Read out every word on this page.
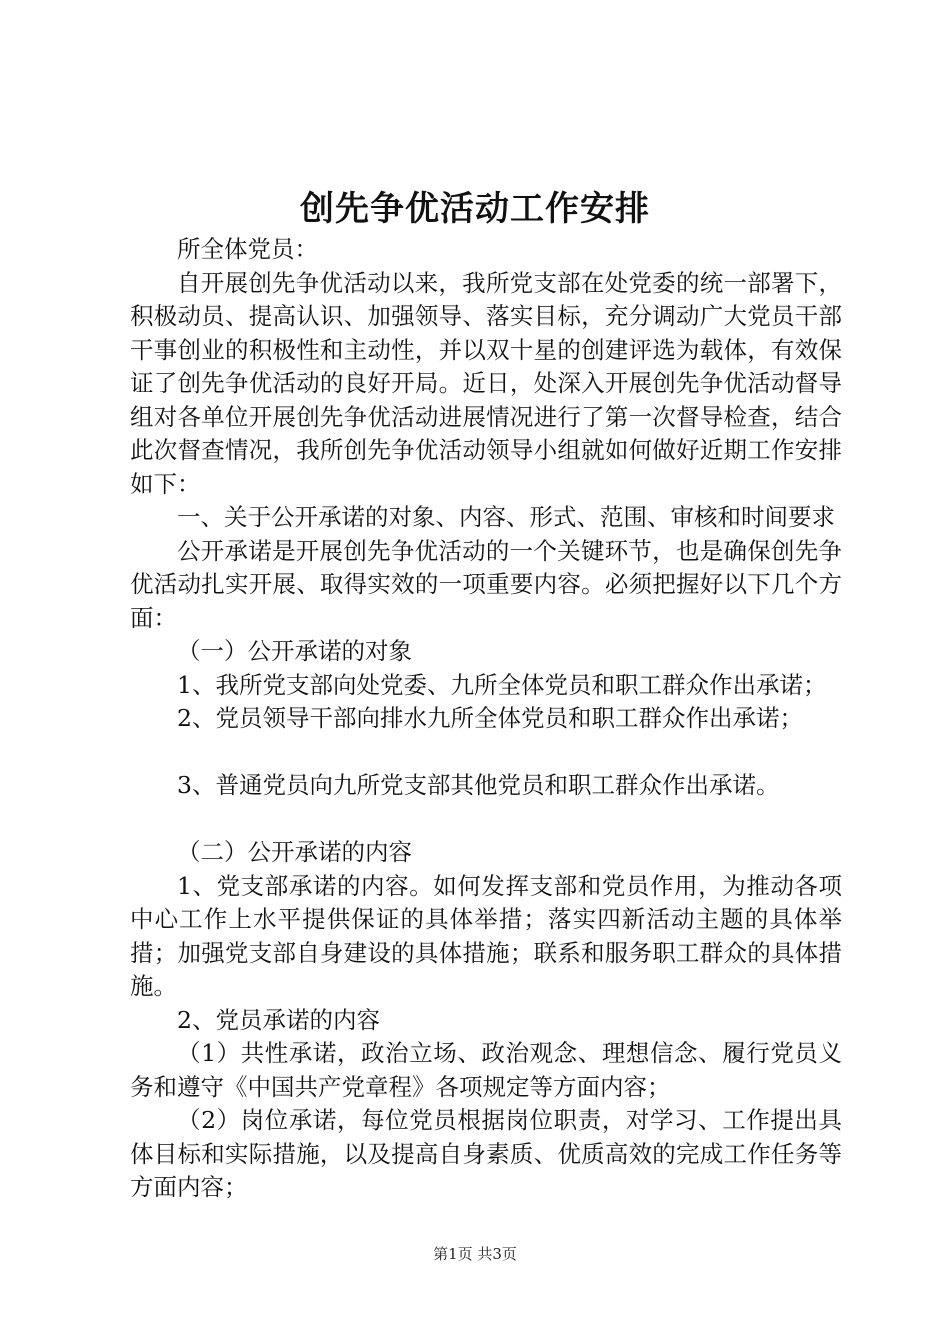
创先争优活动工作安排

所全体党员：

自开展创先争优活动以来，我所党支部在处党委的统一部署下，积极动员、提高认识、加强领导、落实目标，充分调动广大党员干部干事创业的积极性和主动性，并以双十星的创建评选为载体，有效保证了创先争优活动的良好开局。近日，处深入开展创先争优活动督导组对各单位开展创先争优活动进展情况进行了第一次督导检查，结合此次督查情况，我所创先争优活动领导小组就如何做好近期工作安排如下：

一、关于公开承诺的对象、内容、形式、范围、审核和时间要求

公开承诺是开展创先争优活动的一个关键环节，也是确保创先争优活动扎实开展、取得实效的一项重要内容。必须把握好以下几个方面：

（一）公开承诺的对象

1、我所党支部向处党委、九所全体党员和职工群众作出承诺；

2、党员领导干部向排水九所全体党员和职工群众作出承诺；

3、普通党员向九所党支部其他党员和职工群众作出承诺。

（二）公开承诺的内容

1、党支部承诺的内容。如何发挥支部和党员作用，为推动各项中心工作上水平提供保证的具体举措；落实四新活动主题的具体举措；加强党支部自身建设的具体措施；联系和服务职工群众的具体措施。

2、党员承诺的内容

（1）共性承诺，政治立场、政治观念、理想信念、履行党员义务和遵守《中国共产党章程》各项规定等方面内容；

（2）岗位承诺，每位党员根据岗位职责，对学习、工作提出具体目标和实际措施，以及提高自身素质、优质高效的完成工作任务等方面内容；

第1页 共3页
